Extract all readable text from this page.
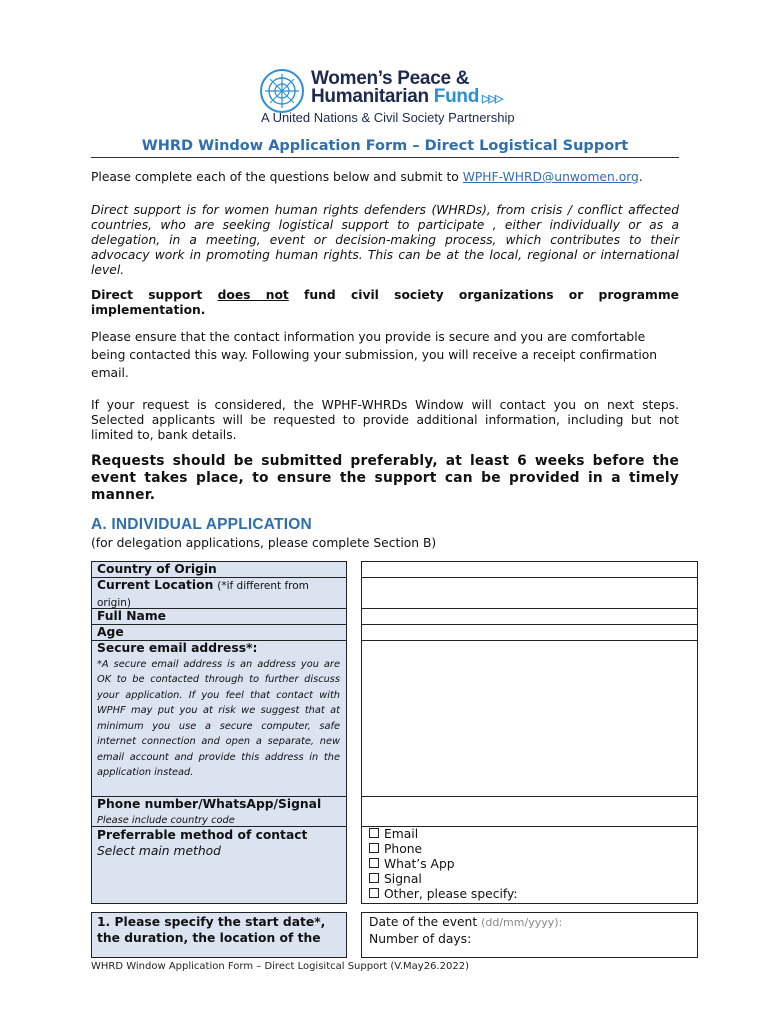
Women’s Peace &
Humanitarian Fund ▷▷▷
A United Nations & Civil Society Partnership
WHRD Window Application Form – Direct Logistical Support
Please complete each of the questions below and submit to WPHF-WHRD@unwomen.org.
Direct support is for women human rights defenders (WHRDs), from crisis / conflict affected countries, who are seeking logistical support to participate , either individually or as a delegation, in a meeting, event or decision-making process, which contributes to their advocacy work in promoting human rights. This can be at the local, regional or international level.
Direct support does not fund civil society organizations or programme implementation.
Please ensure that the contact information you provide is secure and you are comfortable being contacted this way. Following your submission, you will receive a receipt confirmation email.
If your request is considered, the WPHF-WHRDs Window will contact you on next steps. Selected applicants will be requested to provide additional information, including but not limited to, bank details.
Requests should be submitted preferably, at least 6 weeks before the event takes place, to ensure the support can be provided in a timely manner.
A. INDIVIDUAL APPLICATION
(for delegation applications, please complete Section B)
Country of Origin
Current Location (*if different from origin)
Full Name
Age
Secure email address*:
*A secure email address is an address you are OK to be contacted through to further discuss your application. If you feel that contact with WPHF may put you at risk we suggest that at minimum you use a secure computer, safe internet connection and open a separate, new email account and provide this address in the application instead.
Phone number/WhatsApp/Signal
Please include country code
Preferrable method of contact
Select main method
Email
Phone
What’s App
Signal
Other, please specify:
1. Please specify the start date*, the duration, the location of the
Date of the event (dd/mm/yyyy):
Number of days:
WHRD Window Application Form – Direct Logisitcal Support (V.May26.2022)
